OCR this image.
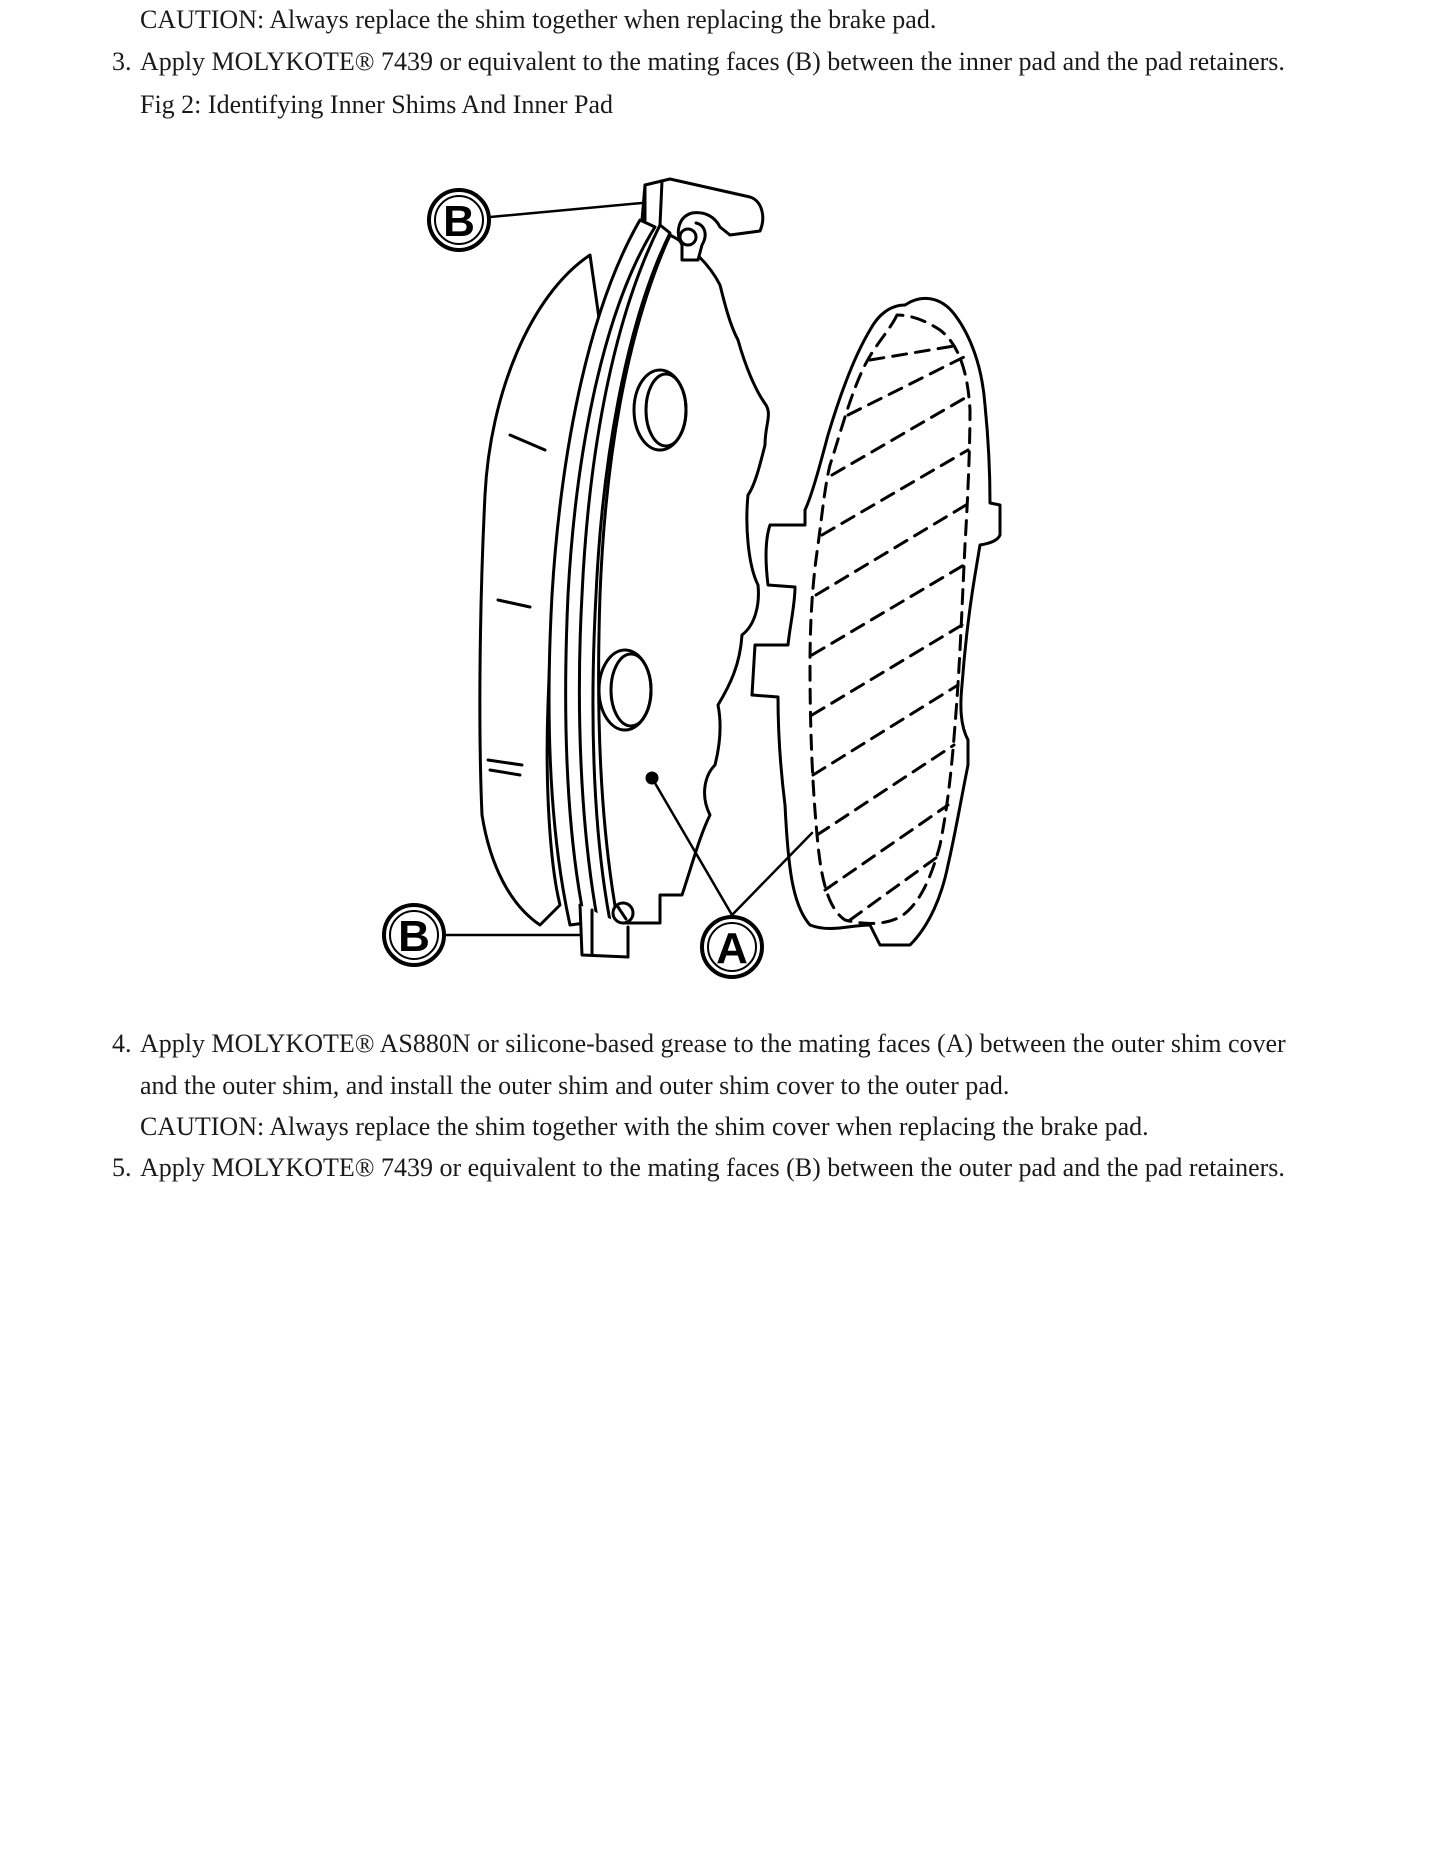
CAUTION: Always replace the shim together when replacing the brake pad.
3. Apply MOLYKOTE® 7439 or equivalent to the mating faces (B) between the inner pad and the pad retainers.
Fig 2: Identifying Inner Shims And Inner Pad
B
B	A
4. Apply MOLYKOTE® AS880N or silicone-based grease to the mating faces (A) between the outer shim cover
and the outer shim, and install the outer shim and outer shim cover to the outer pad.
CAUTION: Always replace the shim together with the shim cover when replacing the brake pad.
5. Apply MOLYKOTE® 7439 or equivalent to the mating faces (B) between the outer pad and the pad retainers.
